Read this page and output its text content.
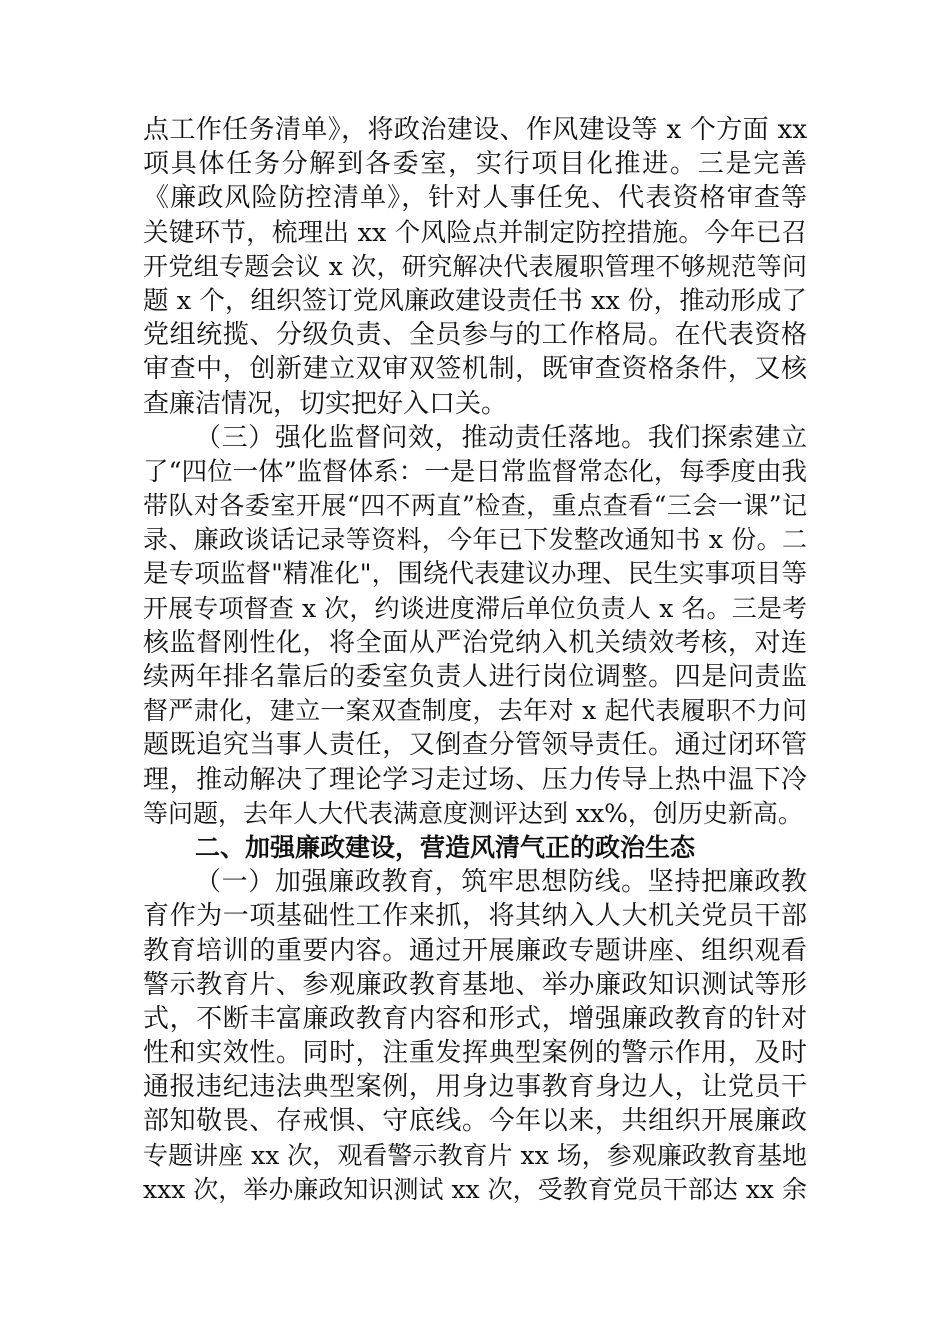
点工作任务清单》，将政治建设、作风建设等 x 个方面 xx
项具体任务分解到各委室，实行项目化推进。三是完善
《廉政风险防控清单》，针对人事任免、代表资格审查等
关键环节，梳理出 xx 个风险点并制定防控措施。今年已召
开党组专题会议 x 次，研究解决代表履职管理不够规范等问
题 x 个，组织签订党风廉政建设责任书 xx 份，推动形成了
党组统揽、分级负责、全员参与的工作格局。在代表资格
审查中，创新建立双审双签机制，既审查资格条件，又核
查廉洁情况，切实把好入口关。
（三）强化监督问效，推动责任落地。我们探索建立
了“四位一体”监督体系：一是日常监督常态化，每季度由我
带队对各委室开展“四不两直”检查，重点查看“三会一课”记
录、廉政谈话记录等资料，今年已下发整改通知书 x 份。二
是专项监督"精准化"，围绕代表建议办理、民生实事项目等
开展专项督查 x 次，约谈进度滞后单位负责人 x 名。三是考
核监督刚性化，将全面从严治党纳入机关绩效考核，对连
续两年排名靠后的委室负责人进行岗位调整。四是问责监
督严肃化，建立一案双查制度，去年对 x 起代表履职不力问
题既追究当事人责任，又倒查分管领导责任。通过闭环管
理，推动解决了理论学习走过场、压力传导上热中温下冷
等问题，去年人大代表满意度测评达到 xx%，创历史新高。
二、加强廉政建设，营造风清气正的政治生态
（一）加强廉政教育，筑牢思想防线。坚持把廉政教
育作为一项基础性工作来抓，将其纳入人大机关党员干部
教育培训的重要内容。通过开展廉政专题讲座、组织观看
警示教育片、参观廉政教育基地、举办廉政知识测试等形
式，不断丰富廉政教育内容和形式，增强廉政教育的针对
性和实效性。同时，注重发挥典型案例的警示作用，及时
通报违纪违法典型案例，用身边事教育身边人，让党员干
部知敬畏、存戒惧、守底线。今年以来，共组织开展廉政
专题讲座 xx 次，观看警示教育片 xx 场，参观廉政教育基地
xxx 次，举办廉政知识测试 xx 次，受教育党员干部达 xx 余
